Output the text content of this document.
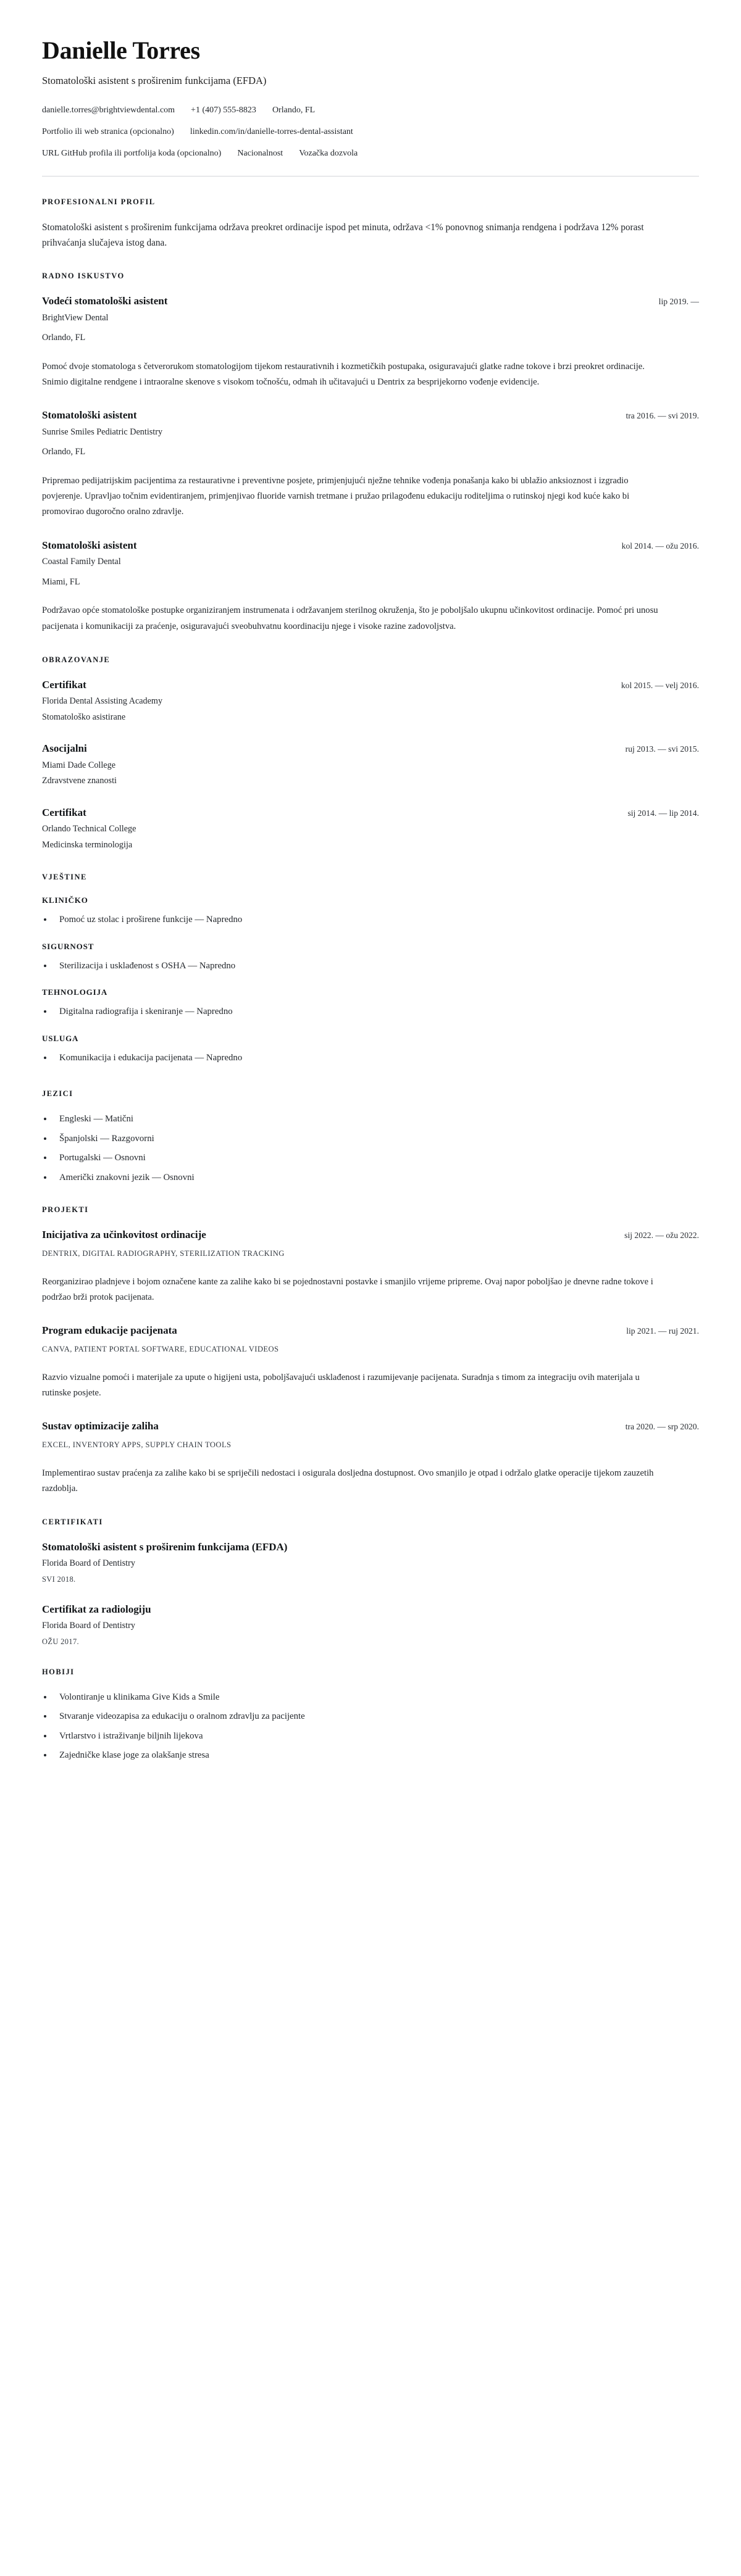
Danielle Torres

Stomatološki asistent s proširenim funkcijama (EFDA)

danielle.torres@brightviewdental.com +1 (407) 555-8823 Orlando, FL
Portfolio ili web stranica (opcionalno) linkedin.com/in/danielle-torres-dental-assistant
URL GitHub profila ili portfolija koda (opcionalno) Nacionalnost Vozačka dozvola
PROFESIONALNI PROFIL

Stomatološki asistent s proširenim funkcijama održava preokret ordinacije ispod pet minuta, održava <1% ponovnog snimanja rendgena i podržava 12% porast prihvaćanja slučajeva istog dana.

RADNO ISKUSTVO
Vodeći stomatološki asistent	lip 2019. —

BrightView Dental

Orlando, FL

Pomoć dvoje stomatologa s četverorukom stomatologijom tijekom restaurativnih i kozmetičkih postupaka, osiguravajući glatke radne tokove i brzi preokret ordinacije. Snimio digitalne rendgene i intraoralne skenove s visokom točnošću, odmah ih učitavajući u Dentrix za besprijekorno vođenje evidencije.

Stomatološki asistent	tra 2016. — svi 2019.

Sunrise Smiles Pediatric Dentistry

Orlando, FL

Pripremao pedijatrijskim pacijentima za restaurativne i preventivne posjete, primjenjujući nježne tehnike vođenja ponašanja kako bi ublažio anksioznost i izgradio povjerenje. Upravljao točnim evidentiranjem, primjenjivao fluoride varnish tretmane i pružao prilagođenu edukaciju roditeljima o rutinskoj njegi kod kuće kako bi promovirao dugoročno oralno zdravlje.

Stomatološki asistent	kol 2014. — ožu 2016.

Coastal Family Dental

Miami, FL

Podržavao opće stomatološke postupke organiziranjem instrumenata i održavanjem sterilnog okruženja, što je poboljšalo ukupnu učinkovitost ordinacije. Pomoć pri unosu pacijenata i komunikaciji za praćenje, osiguravajući sveobuhvatnu koordinaciju njege i visoke razine zadovoljstva.

OBRAZOVANJE
Certifikat	kol 2015. — velj 2016.

Florida Dental Assisting Academy

Stomatološko asistirane

Asocijalni	ruj 2013. — svi 2015.

Miami Dade College

Zdravstvene znanosti

Certifikat	sij 2014. — lip 2014.

Orlando Technical College

Medicinska terminologija

VJEŠTINE
KLINIČKO
Pomoć uz stolac i proširene funkcije — Napredno
SIGURNOST
Sterilizacija i usklađenost s OSHA — Napredno
TEHNOLOGIJA
Digitalna radiografija i skeniranje — Napredno
USLUGA
Komunikacija i edukacija pacijenata — Napredno
JEZICI
Engleski — Matični
Španjolski — Razgovorni
Portugalski — Osnovni
Američki znakovni jezik — Osnovni
PROJEKTI
Inicijativa za učinkovitost ordinacije	sij 2022. — ožu 2022.

DENTRIX, DIGITAL RADIOGRAPHY, STERILIZATION TRACKING

Reorganizirao pladnjeve i bojom označene kante za zalihe kako bi se pojednostavni postavke i smanjilo vrijeme pripreme. Ovaj napor poboljšao je dnevne radne tokove i podržao brži protok pacijenata.

Program edukacije pacijenata	lip 2021. — ruj 2021.

CANVA, PATIENT PORTAL SOFTWARE, EDUCATIONAL VIDEOS

Razvio vizualne pomoći i materijale za upute o higijeni usta, poboljšavajući usklađenost i razumijevanje pacijenata. Suradnja s timom za integraciju ovih materijala u rutinske posjete.

Sustav optimizacije zaliha	tra 2020. — srp 2020.

EXCEL, INVENTORY APPS, SUPPLY CHAIN TOOLS

Implementirao sustav praćenja za zalihe kako bi se spriječili nedostaci i osigurala dosljedna dostupnost. Ovo smanjilo je otpad i održalo glatke operacije tijekom zauzetih razdoblja.

CERTIFIKATI
Stomatološki asistent s proširenim funkcijama (EFDA)

Florida Board of Dentistry

SVI 2018.

Certifikat za radiologiju

Florida Board of Dentistry

OŽU 2017.

HOBIJI
Volontiranje u klinikama Give Kids a Smile
Stvaranje videozapisa za edukaciju o oralnom zdravlju za pacijente
Vrtlarstvo i istraživanje biljnih lijekova
Zajedničke klase joge za olakšanje stresa
